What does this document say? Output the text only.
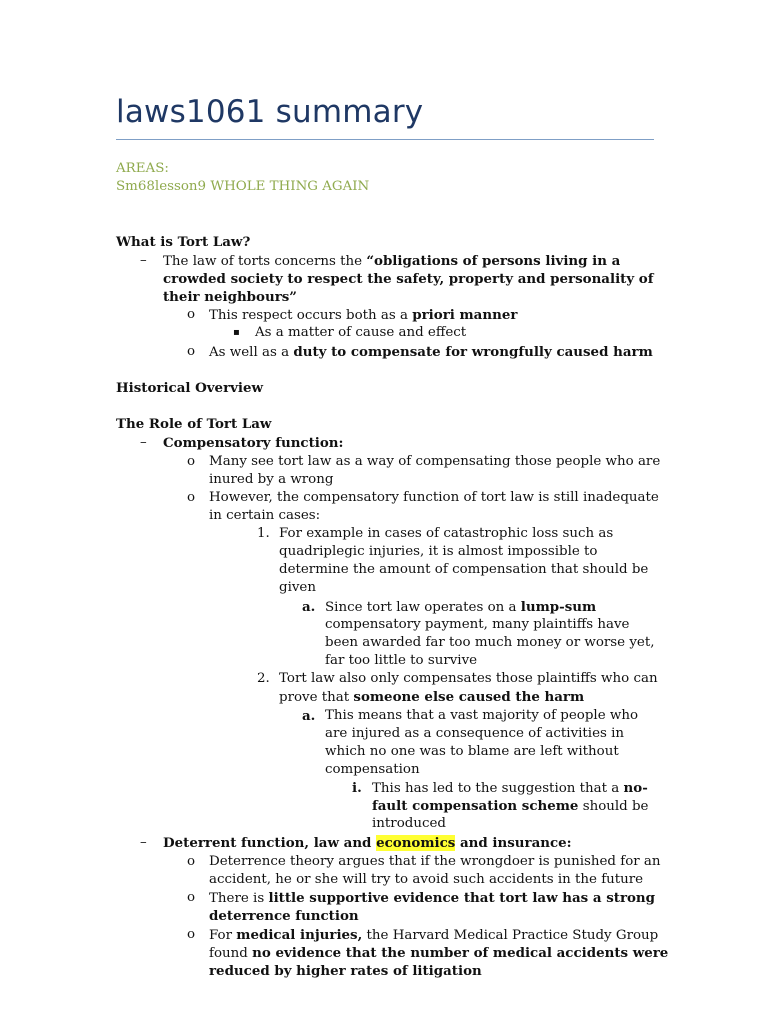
laws1061 summary
AREAS:
Sm68lesson9 WHOLE THING AGAIN
What is Tort Law?
– The law of torts concerns the “obligations of persons living in a
crowded society to respect the safety, property and personality of
their neighbours”
o This respect occurs both as a priori manner
▪ As a matter of cause and effect
o As well as a duty to compensate for wrongfully caused harm
Historical Overview
The Role of Tort Law
– Compensatory function:
o Many see tort law as a way of compensating those people who are
inured by a wrong
o However, the compensatory function of tort law is still inadequate
in certain cases:
1. For example in cases of catastrophic loss such as
quadriplegic injuries, it is almost impossible to
determine the amount of compensation that should be
given
a. Since tort law operates on a lump-sum
compensatory payment, many plaintiffs have
been awarded far too much money or worse yet,
far too little to survive
2. Tort law also only compensates those plaintiffs who can
prove that someone else caused the harm
a. This means that a vast majority of people who
are injured as a consequence of activities in
which no one was to blame are left without
compensation
i. This has led to the suggestion that a no-
fault compensation scheme should be
introduced
– Deterrent function, law and economics and insurance:
o Deterrence theory argues that if the wrongdoer is punished for an
accident, he or she will try to avoid such accidents in the future
o There is little supportive evidence that tort law has a strong
deterrence function
o For medical injuries, the Harvard Medical Practice Study Group
found no evidence that the number of medical accidents were
reduced by higher rates of litigation
